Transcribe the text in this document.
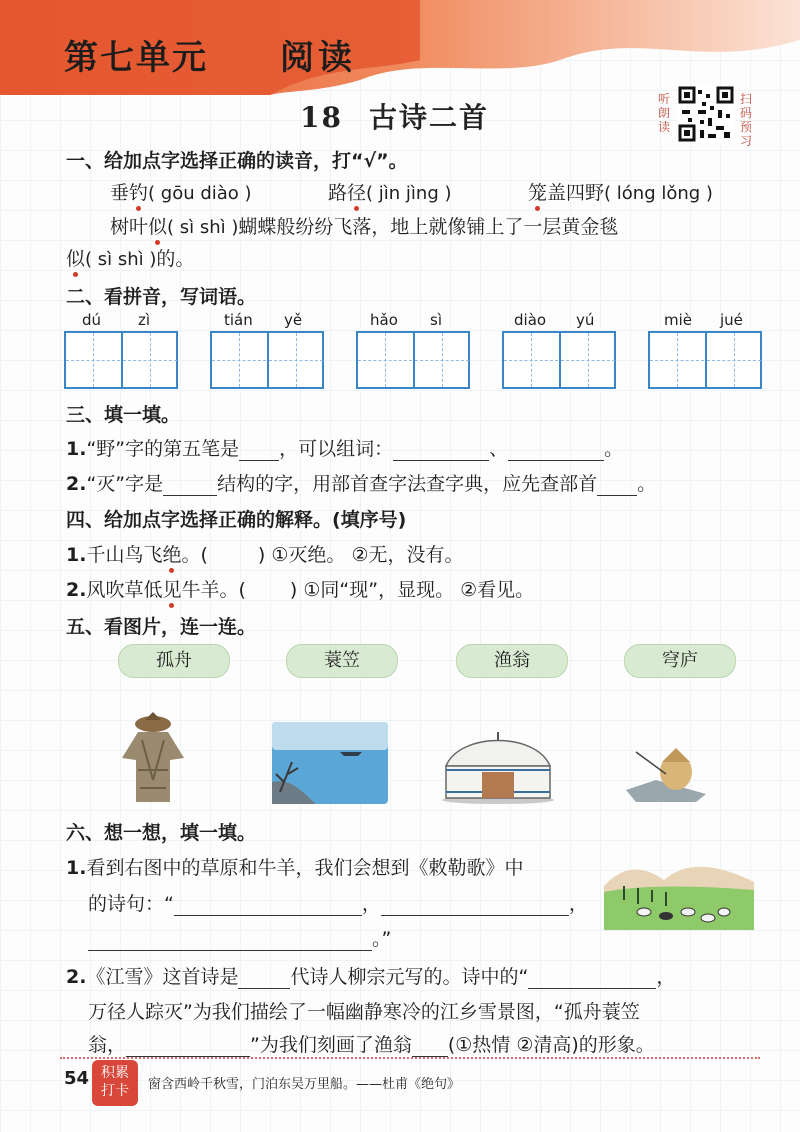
第七单元 阅读
18 古诗二首
听
朗
读
扫
码
预
习
一、给加点字选择正确的读音，打“√”。
垂钓( gōu diào )	路径( jìn jìng )	笼盖四野( lóng lǒng )
树叶似( sì shì )蝴蝶般纷纷飞落，地上就像铺上了一层黄金毯
似( sì shì )的。
二、看拼音，写词语。
dú zì	tián yě	hǎo sì	diào yú	miè jué
三、填一填。
1.“野”字的第五笔是 ，可以组词：	、	。
2.“灭”字是	结构的字，用部首查字法查字典，应先查部首 。
四、给加点字选择正确的解释。(填序号)
1.千山鸟飞绝。(	) ①灭绝。 ②无，没有。
2.风吹草低见牛羊。( ) ①同“现”，显现。 ②看见。
五、看图片，连一连。
孤舟	蓑笠	渔翁	穹庐
六、想一想，填一填。
1.看到右图中的草原和牛羊，我们会想到《敕勒歌》中
的诗句：“	，	，
。”
2.《江雪》这首诗是	代诗人柳宗元写的。诗中的“	，
万径人踪灭”为我们描绘了一幅幽静寒冷的江乡雪景图，“孤舟蓑笠
翁，	”为我们刻画了渔翁 (①热情 ②清高)的形象。
54 积累
打卡	窗含西岭千秋雪，门泊东吴万里船。——杜甫《绝句》
